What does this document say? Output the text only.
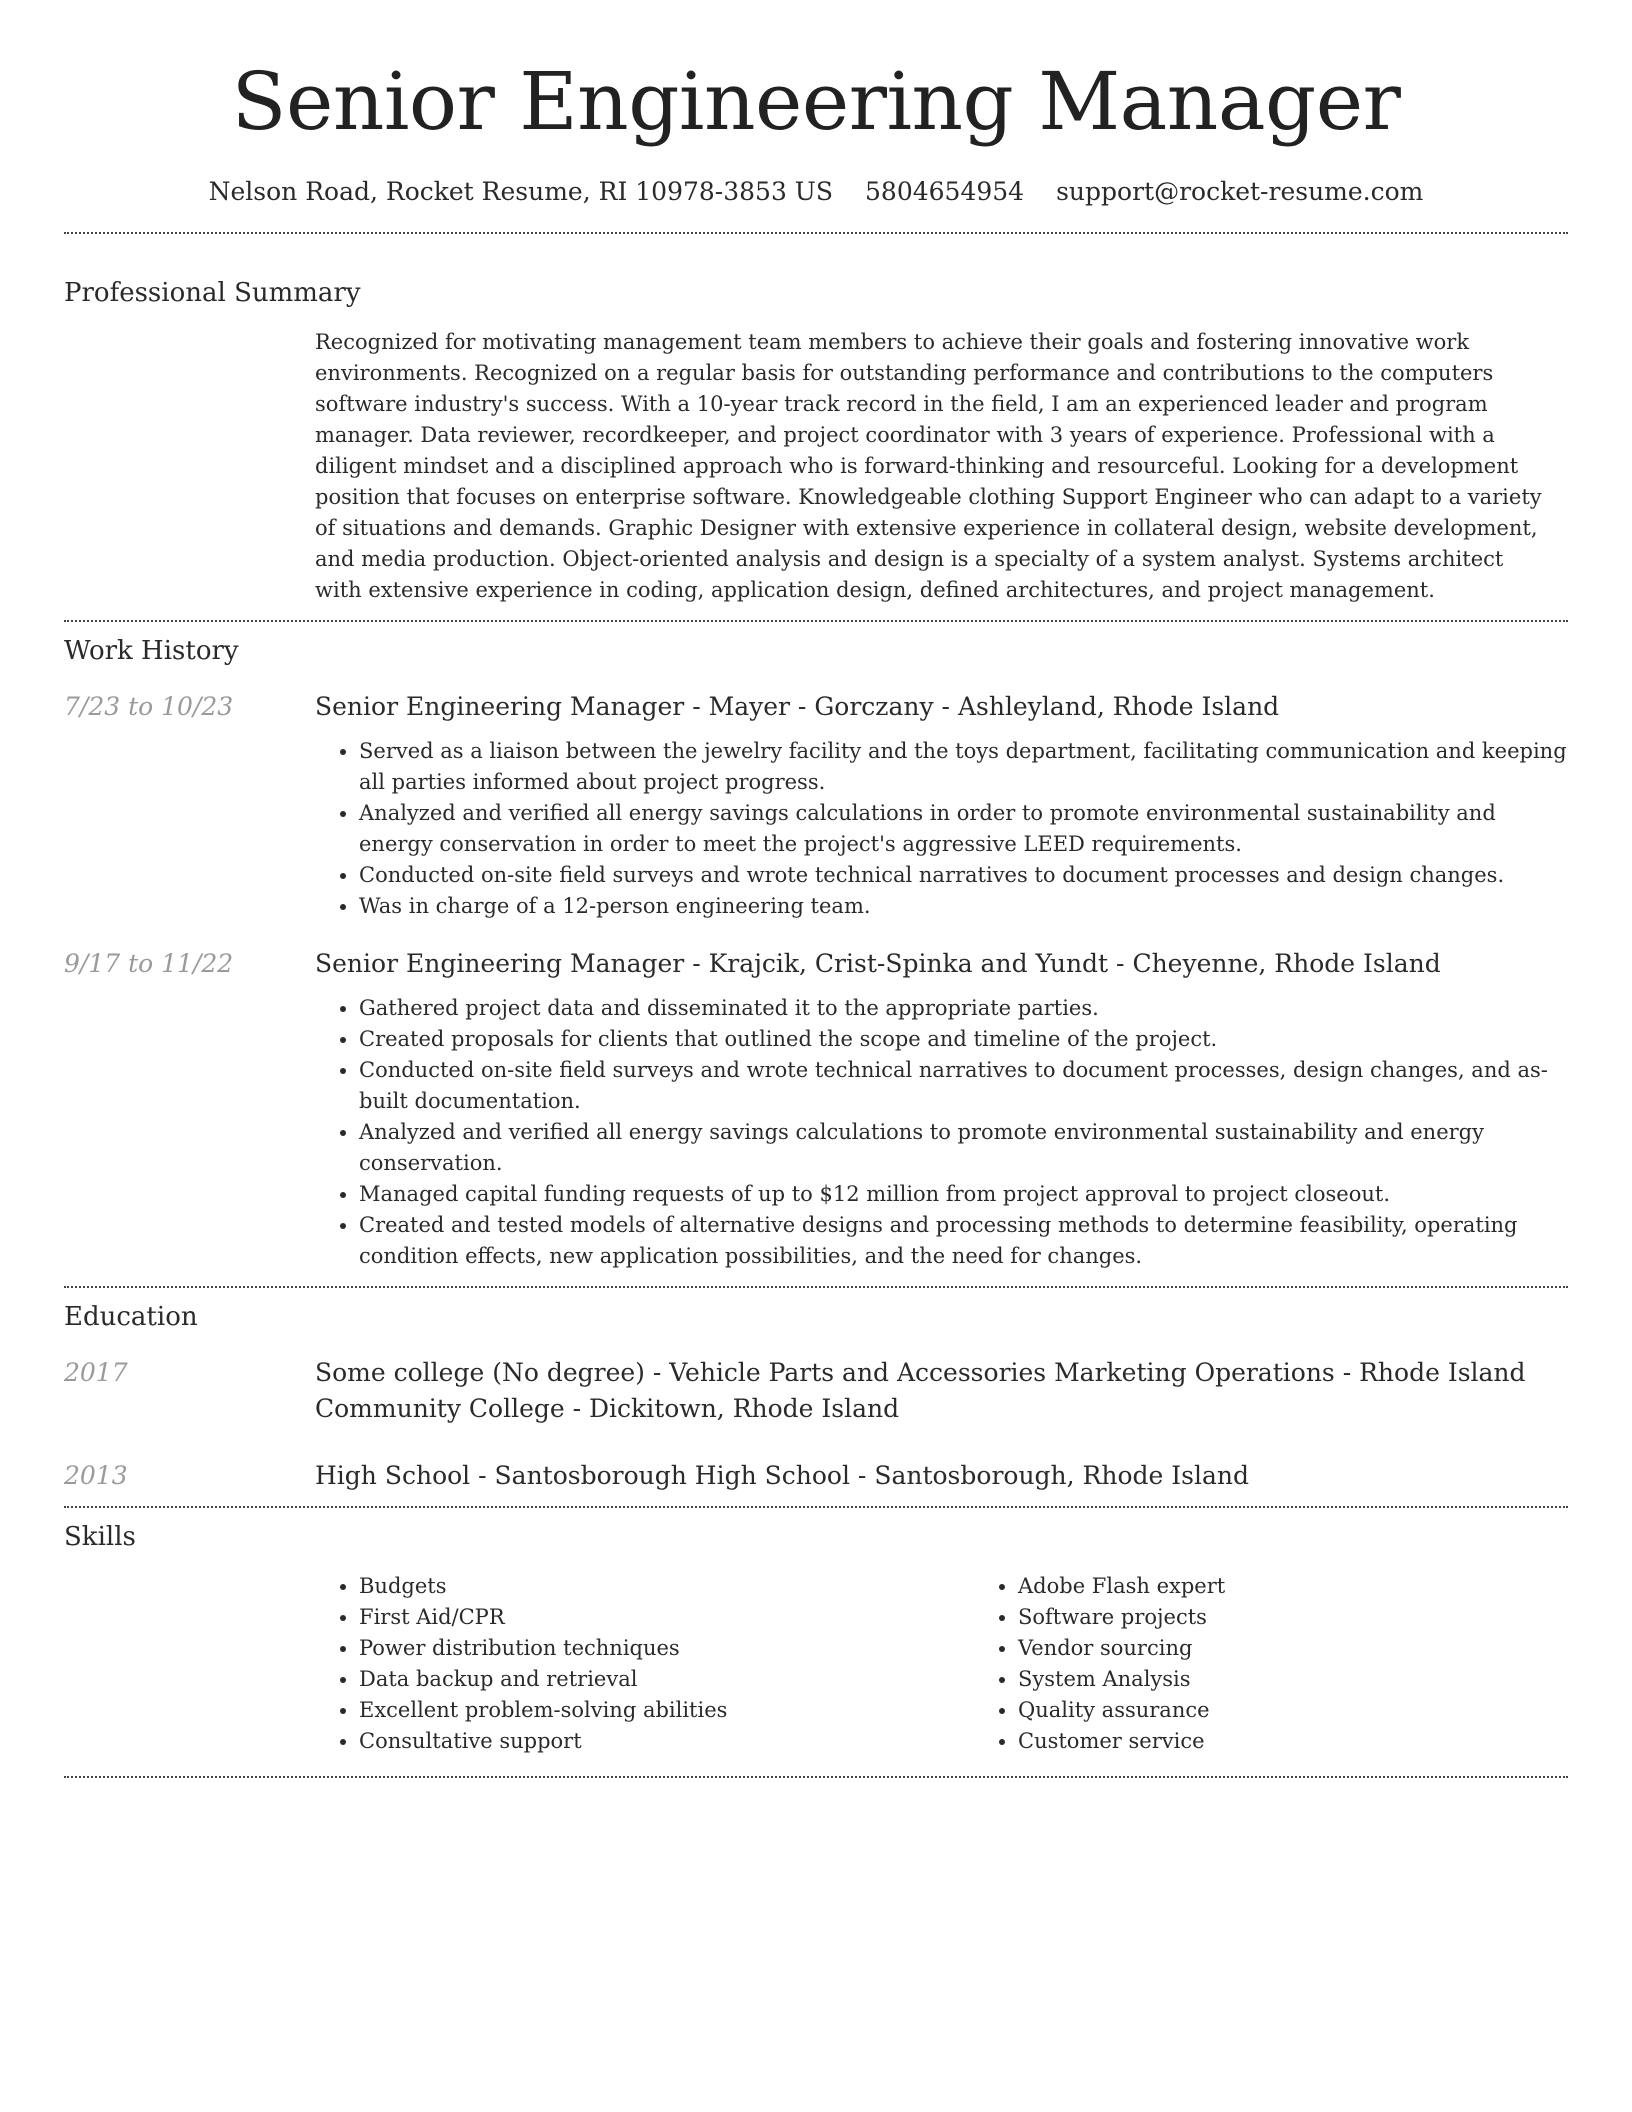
Senior Engineering Manager
Nelson Road, Rocket Resume, RI 10978-3853 US 5804654954 support@rocket-resume.com
Professional Summary

Recognized for motivating management team members to achieve their goals and fostering innovative work environments. Recognized on a regular basis for outstanding performance and contributions to the computers software industry's success. With a 10-year track record in the field, I am an experienced leader and program manager. Data reviewer, recordkeeper, and project coordinator with 3 years of experience. Professional with a diligent mindset and a disciplined approach who is forward-thinking and resourceful. Looking for a development position that focuses on enterprise software. Knowledgeable clothing Support Engineer who can adapt to a variety of situations and demands. Graphic Designer with extensive experience in collateral design, website development, and media production. Object-oriented analysis and design is a specialty of a system analyst. Systems architect with extensive experience in coding, application design, defined architectures, and project management.

Work History
7/23 to 10/23	Senior Engineering Manager - Mayer - Gorczany - Ashleyland, Rhode Island
• Served as a liaison between the jewelry facility and the toys department, facilitating communication and keeping all parties informed about project progress.
• Analyzed and verified all energy savings calculations in order to promote environmental sustainability and energy conservation in order to meet the project's aggressive LEED requirements.
• Conducted on-site field surveys and wrote technical narratives to document processes and design changes.
• Was in charge of a 12-person engineering team.
9/17 to 11/22	Senior Engineering Manager - Krajcik, Crist-Spinka and Yundt - Cheyenne, Rhode Island
• Gathered project data and disseminated it to the appropriate parties.
• Created proposals for clients that outlined the scope and timeline of the project.
• Conducted on-site field surveys and wrote technical narratives to document processes, design changes, and as-built documentation.
• Analyzed and verified all energy savings calculations to promote environmental sustainability and energy conservation.
• Managed capital funding requests of up to $12 million from project approval to project closeout.
• Created and tested models of alternative designs and processing methods to determine feasibility, operating condition effects, new application possibilities, and the need for changes.
Education
2017	Some college (No degree) - Vehicle Parts and Accessories Marketing Operations - Rhode Island Community College - Dickitown, Rhode Island
2013	High School - Santosborough High School - Santosborough, Rhode Island
Skills
• Budgets
• First Aid/CPR
• Power distribution techniques
• Data backup and retrieval
• Excellent problem-solving abilities
• Consultative support
• Adobe Flash expert
• Software projects
• Vendor sourcing
• System Analysis
• Quality assurance
• Customer service
